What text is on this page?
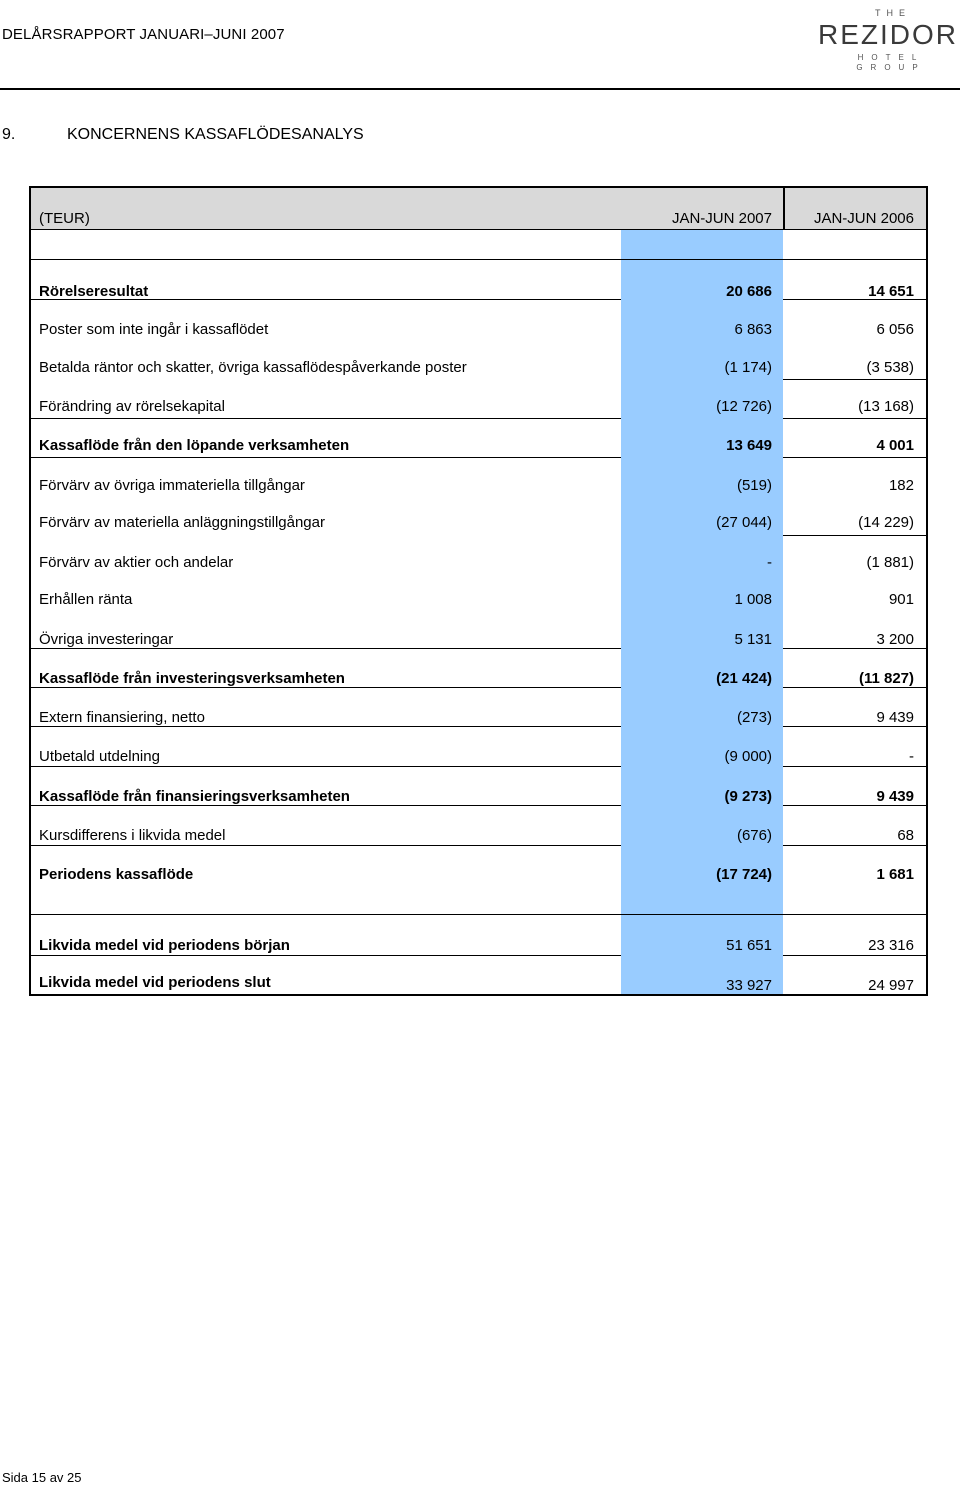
DELÅRSRAPPORT JANUARI–JUNI 2007
THE
REZIDOR
HOTEL GROUP
9.	KONCERNENS KASSAFLÖDESANALYS
(TEUR)	JAN-JUN 2007	JAN-JUN 2006
Rörelseresultat	20 686	14 651
Poster som inte ingår i kassaflödet	6 863	6 056
Betalda räntor och skatter, övriga kassaflödespåverkande poster	(1 174)	(3 538)
Förändring av rörelsekapital	(12 726)	(13 168)
Kassaflöde från den löpande verksamheten	13 649	4 001
Förvärv av övriga immateriella tillgångar	(519)	182
Förvärv av materiella anläggningstillgångar	(27 044)	(14 229)
Förvärv av aktier och andelar	-	(1 881)
Erhållen ränta	1 008	901
Övriga investeringar	5 131	3 200
Kassaflöde från investeringsverksamheten	(21 424)	(11 827)
Extern finansiering, netto	(273)	9 439
Utbetald utdelning	(9 000)	-
Kassaflöde från finansieringsverksamheten	(9 273)	9 439
Kursdifferens i likvida medel	(676)	68
Periodens kassaflöde	(17 724)	1 681
Likvida medel vid periodens början	51 651	23 316
Likvida medel vid periodens slut	33 927	24 997
Sida 15 av 25
